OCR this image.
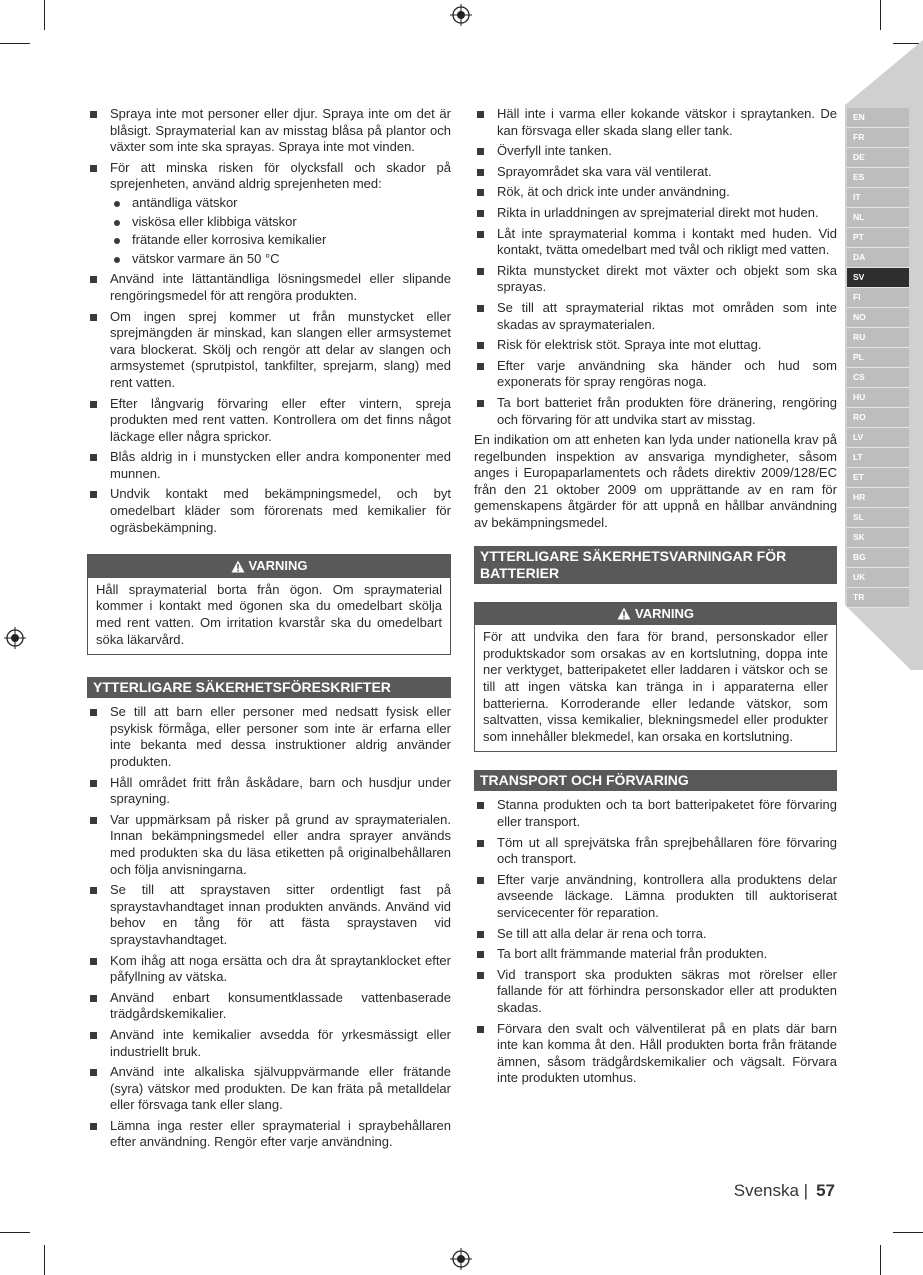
EN
FR
DE
ES
IT
NL
PT
DA
SV
FI
NO
RU
PL
CS
HU
RO
LV
LT
ET
HR
SL
SK
BG
UK
TR
Spraya inte mot personer eller djur. Spraya inte om det är blåsigt. Spraymaterial kan av misstag blåsa på plantor och växter som inte ska sprayas. Spraya inte mot vinden.
För att minska risken för olycksfall och skador på sprejenheten, använd aldrig sprejenheten med:
antändliga vätskor
viskösa eller klibbiga vätskor
frätande eller korrosiva kemikalier
vätskor varmare än 50 °C
Använd inte lättantändliga lösningsmedel eller slipande rengöringsmedel för att rengöra produkten.
Om ingen sprej kommer ut från munstycket eller sprejmängden är minskad, kan slangen eller armsystemet vara blockerat. Skölj och rengör att delar av slangen och armsystemet (sprutpistol, tankfilter, sprejarm, slang) med rent vatten.
Efter långvarig förvaring eller efter vintern, spreja produkten med rent vatten. Kontrollera om det finns något läckage eller några sprickor.
Blås aldrig in i munstycken eller andra komponenter med munnen.
Undvik kontakt med bekämpningsmedel, och byt omedelbart kläder som förorenats med kemikalier för ogräsbekämpning.
VARNING
Håll spraymaterial borta från ögon. Om spraymaterial kommer i kontakt med ögonen ska du omedelbart skölja med rent vatten. Om irritation kvarstår ska du omedelbart söka läkarvård.
YTTERLIGARE SÄKERHETSFÖRESKRIFTER
Se till att barn eller personer med nedsatt fysisk eller psykisk förmåga, eller personer som inte är erfarna eller inte bekanta med dessa instruktioner aldrig använder produkten.
Håll området fritt från åskådare, barn och husdjur under sprayning.
Var uppmärksam på risker på grund av spraymaterialen. Innan bekämpningsmedel eller andra sprayer används med produkten ska du läsa etiketten på originalbehållaren och följa anvisningarna.
Se till att spraystaven sitter ordentligt fast på spraystavhandtaget innan produkten används. Använd vid behov en tång för att fästa spraystaven vid spraystavhandtaget.
Kom ihåg att noga ersätta och dra åt spraytanklocket efter påfyllning av vätska.
Använd enbart konsumentklassade vattenbaserade trädgårdskemikalier.
Använd inte kemikalier avsedda för yrkesmässigt eller industriellt bruk.
Använd inte alkaliska självuppvärmande eller frätande (syra) vätskor med produkten. De kan fräta på metalldelar eller försvaga tank eller slang.
Lämna inga rester eller spraymaterial i spraybehållaren efter användning. Rengör efter varje användning.
Häll inte i varma eller kokande vätskor i spraytanken. De kan försvaga eller skada slang eller tank.
Överfyll inte tanken.
Sprayområdet ska vara väl ventilerat.
Rök, ät och drick inte under användning.
Rikta in urladdningen av sprejmaterial direkt mot huden.
Låt inte spraymaterial komma i kontakt med huden. Vid kontakt, tvätta omedelbart med tvål och rikligt med vatten.
Rikta munstycket direkt mot växter och objekt som ska sprayas.
Se till att spraymaterial riktas mot områden som inte skadas av spraymaterialen.
Risk för elektrisk stöt. Spraya inte mot eluttag.
Efter varje användning ska händer och hud som exponerats för spray rengöras noga.
Ta bort batteriet från produkten före dränering, rengöring och förvaring för att undvika start av misstag.

En indikation om att enheten kan lyda under nationella krav på regelbunden inspektion av ansvariga myndigheter, såsom anges i Europaparlamentets och rådets direktiv 2009/128/EC från den 21 oktober 2009 om upprättande av en ram för gemenskapens åtgärder för att uppnå en hållbar användning av bekämpningsmedel.

YTTERLIGARE SÄKERHETSVARNINGAR FÖR BATTERIER
VARNING
För att undvika den fara för brand, personskador eller produktskador som orsakas av en kortslutning, doppa inte ner verktyget, batteripaketet eller laddaren i vätskor och se till att ingen vätska kan tränga in i apparaterna eller batterierna. Korroderande eller ledande vätskor, som saltvatten, vissa kemikalier, blekningsmedel eller produkter som innehåller blekmedel, kan orsaka en kortslutning.
TRANSPORT OCH FÖRVARING
Stanna produkten och ta bort batteripaketet före förvaring eller transport.
Töm ut all sprejvätska från sprejbehållaren före förvaring och transport.
Efter varje användning, kontrollera alla produktens delar avseende läckage. Lämna produkten till auktoriserat servicecenter för reparation.
Se till att alla delar är rena och torra.
Ta bort allt främmande material från produkten.
Vid transport ska produkten säkras mot rörelser eller fallande för att förhindra personskador eller att produkten skadas.
Förvara den svalt och välventilerat på en plats där barn inte kan komma åt den. Håll produkten borta från frätande ämnen, såsom trädgårdskemikalier och vägsalt. Förvara inte produkten utomhus.
Svenska | 57
